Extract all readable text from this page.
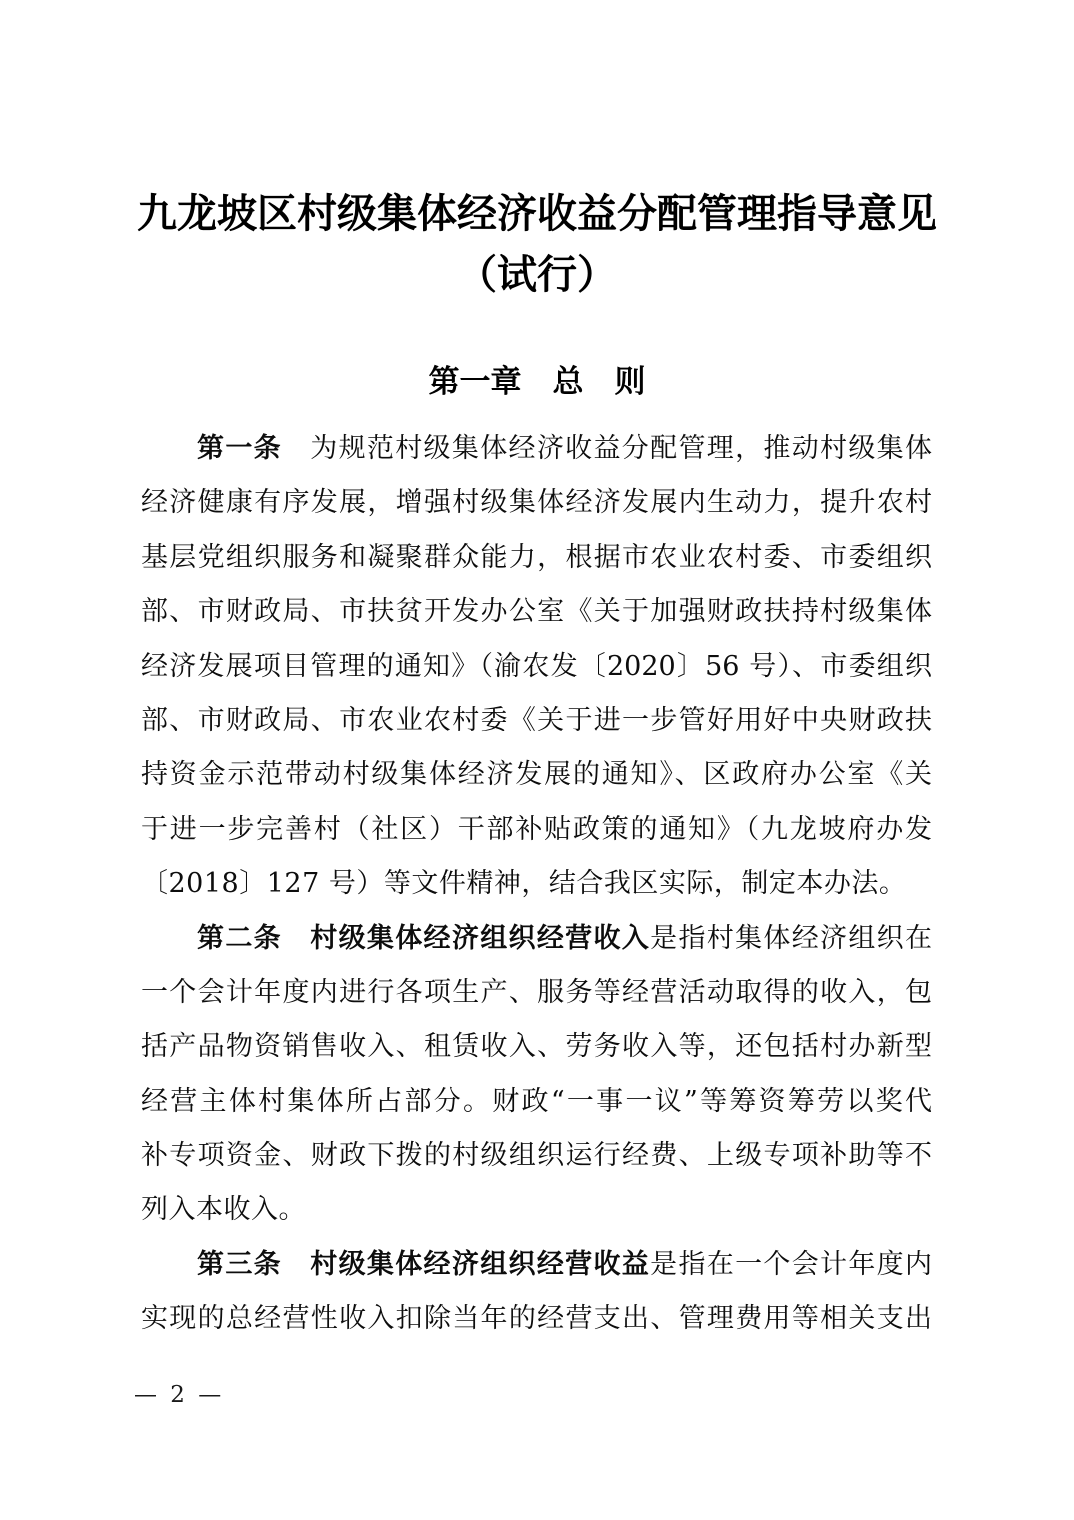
九龙坡区村级集体经济收益分配管理指导意见
（试行）
第一章　总　则
第一条　为规范村级集体经济收益分配管理，推动村级集体
经济健康有序发展，增强村级集体经济发展内生动力，提升农村
基层党组织服务和凝聚群众能力，根据市农业农村委、市委组织
部、市财政局、市扶贫开发办公室《关于加强财政扶持村级集体
经济发展项目管理的通知》（渝农发〔2020〕56 号）、市委组织
部、市财政局、市农业农村委《关于进一步管好用好中央财政扶
持资金示范带动村级集体经济发展的通知》、区政府办公室《关
于进一步完善村（社区）干部补贴政策的通知》（九龙坡府办发
〔2018〕127 号）等文件精神，结合我区实际，制定本办法。
第二条　村级集体经济组织经营收入是指村集体经济组织在
一个会计年度内进行各项生产、服务等经营活动取得的收入，包
括产品物资销售收入、租赁收入、劳务收入等，还包括村办新型
经营主体村集体所占部分。财政“一事一议”等筹资筹劳以奖代
补专项资金、财政下拨的村级组织运行经费、上级专项补助等不
列入本收入。
第三条　村级集体经济组织经营收益是指在一个会计年度内
实现的总经营性收入扣除当年的经营支出、管理费用等相关支出
— 2 —
